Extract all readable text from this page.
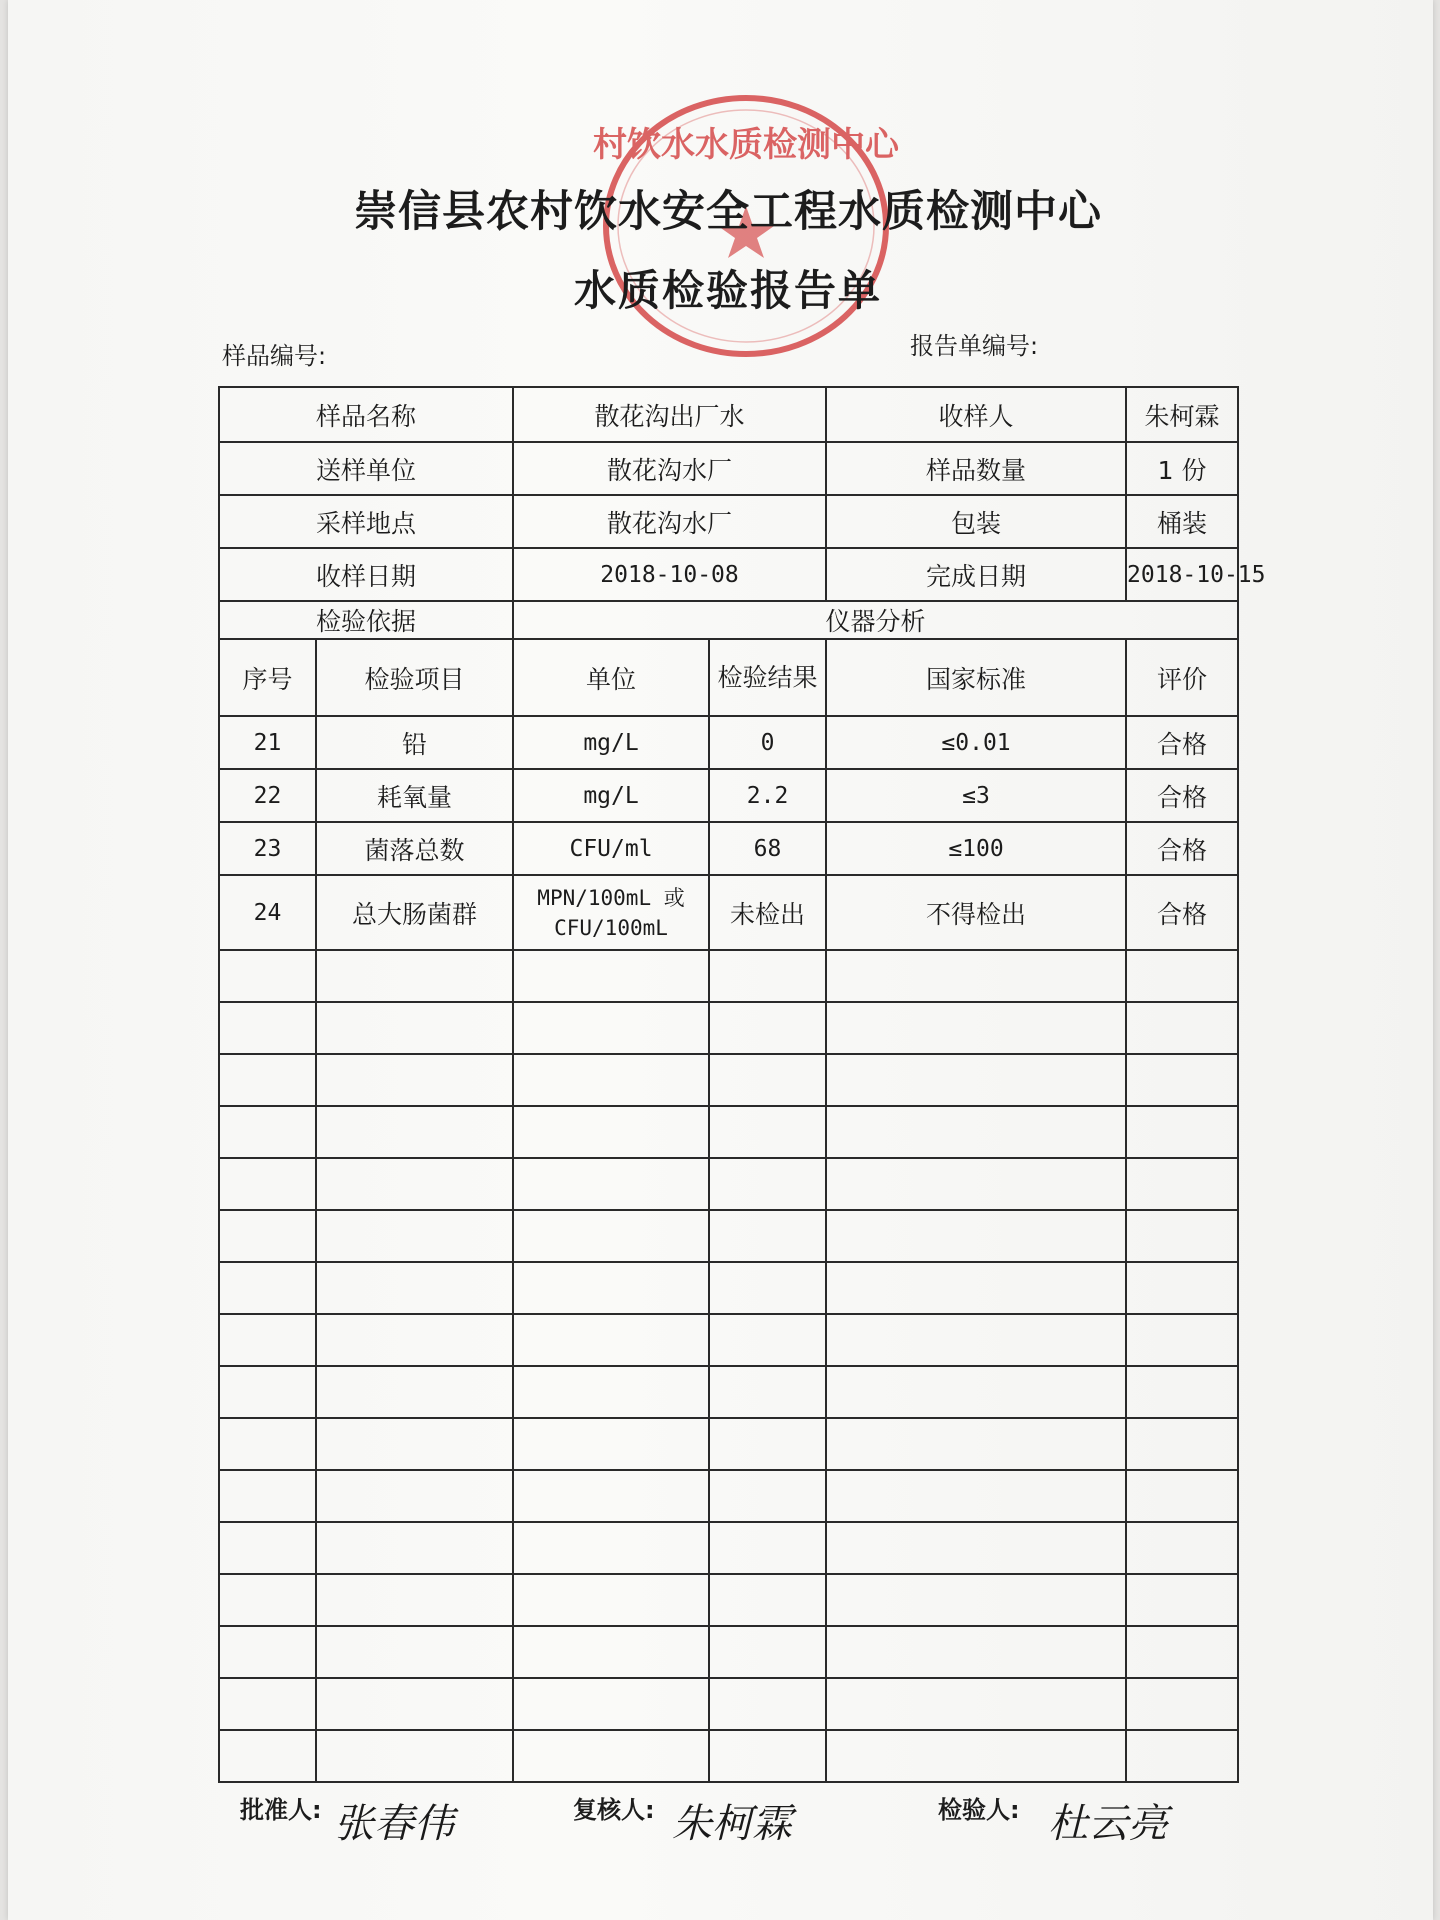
村饮水水质检测中心
崇信县农村饮水安全工程水质检测中心
水质检验报告单
样品编号:	报告单编号:
样品名称		散花沟出厂水		收样人	朱柯霖
送样单位		散花沟水厂		样品数量	1 份
采样地点		散花沟水厂		包装	桶装
收样日期		2018-10-08		完成日期	2018-10-15
检验依据		仪器分析			
序号	检验项目	单位	检验结果	国家标准	评价
21	铅	mg/L	0	≤0.01	合格
22	耗氧量	mg/L	2.2	≤3	合格
23	菌落总数	CFU/ml	68	≤100	合格
24	总大肠菌群	MPN/100mL 或 CFU/100mL	未检出	不得检出	合格

批准人: 张春伟	复核人: 朱柯霖	检验人: 杜云亮
